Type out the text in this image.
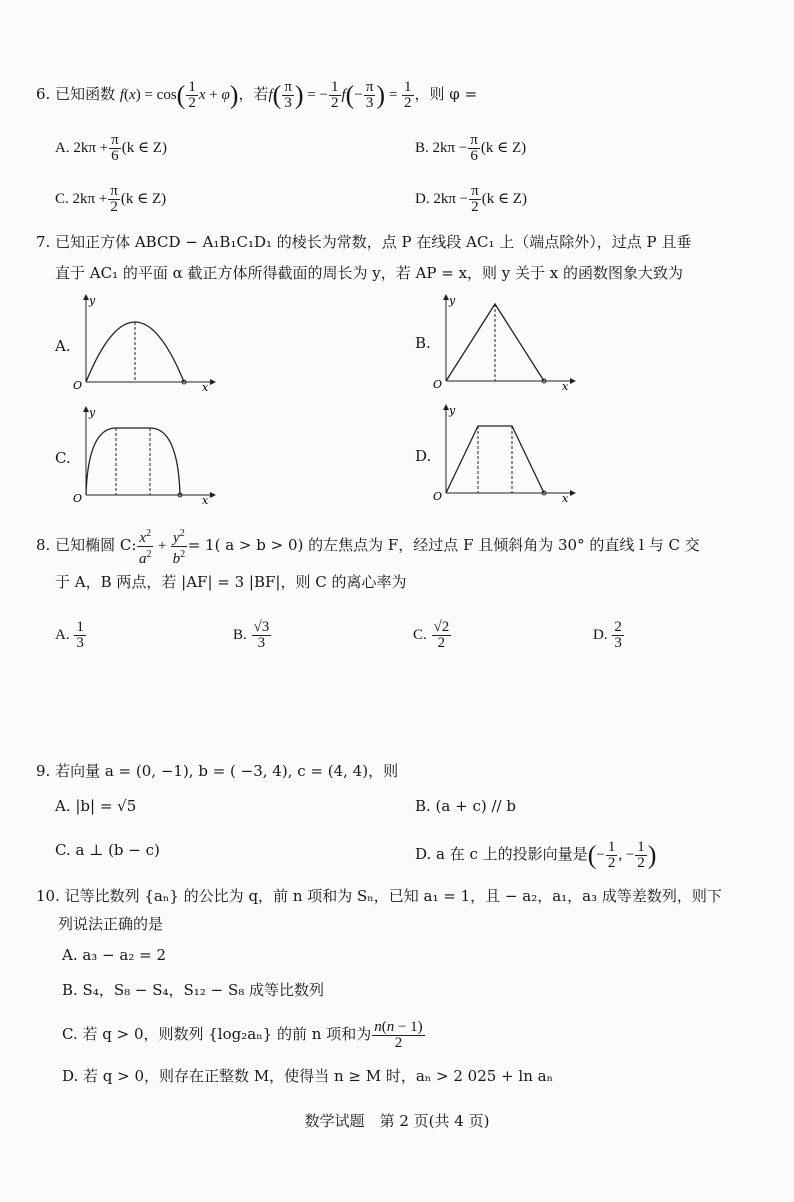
6. 已知函数 $f(x) = \cos( \frac{1}{2}$ x + φ)，若$f( \frac{\pi}{3}$ ) = − $\frac{1}{2} f(- \frac{\pi}{3}$ ) = $\frac{1}{2}$ ，则 φ =
A. $2k\pi + \frac{\pi}{6} (k$ ∈ Z)	B. $2k\pi - \frac{\pi}{6} (k$ ∈ Z)
C. $2k\pi + \frac{\pi}{2} (k$ ∈ Z)	D. $2k\pi - \frac{\pi}{2} (k$ ∈ Z)
7. 已知正方体 ABCD − A₁B₁C₁D₁ 的棱长为常数，点 P 在线段 AC₁ 上（端点除外），过点 P 且垂
直于 AC₁ 的平面 α 截正方体所得截面的周长为 y，若 AP = x，则 y 关于 x 的函数图象大致为
A.	B.
C.	D.
y
x
O
y
x
O
y
x
O
y
x
O
8. 已知椭圆 C: $\frac{x^2}{a^2} + \frac{y^2}{b^2} = 1$( a > b > 0) 的左焦点为 F，经过点 F 且倾斜角为 30° 的直线 l 与 C 交
于 A，B 两点，若 |AF| = 3 |BF|，则 C 的离心率为
A. $\frac{1}{3}$	B. $\frac{√3}{3}$	C. $\frac{√2}{2}$	D. $\frac{2}{3}$
9. 若向量 a = (0, −1), b = ( −3, 4), c = (4, 4)，则
A. |b| = √5	B. (a + c) // b
C. a ⊥ (b − c)	D. a 在 c 上的投影向量是(− $\frac{1}{2}$ , − $\frac{1}{2}$ )
10. 记等比数列 {aₙ} 的公比为 q，前 n 项和为 Sₙ，已知 a₁ = 1，且 − a₂，a₁，a₃ 成等差数列，则下
列说法正确的是
A. a₃ − a₂ = 2
B. S₄，S₈ − S₄，S₁₂ − S₈ 成等比数列
C. 若 q > 0，则数列 {log₂aₙ} 的前 n 项和为 $\frac{n(n - 1)}{2}$
D. 若 q > 0，则存在正整数 M，使得当 n ≥ M 时，aₙ > 2 025 + ln aₙ
数学试题　第 2 页(共 4 页)
